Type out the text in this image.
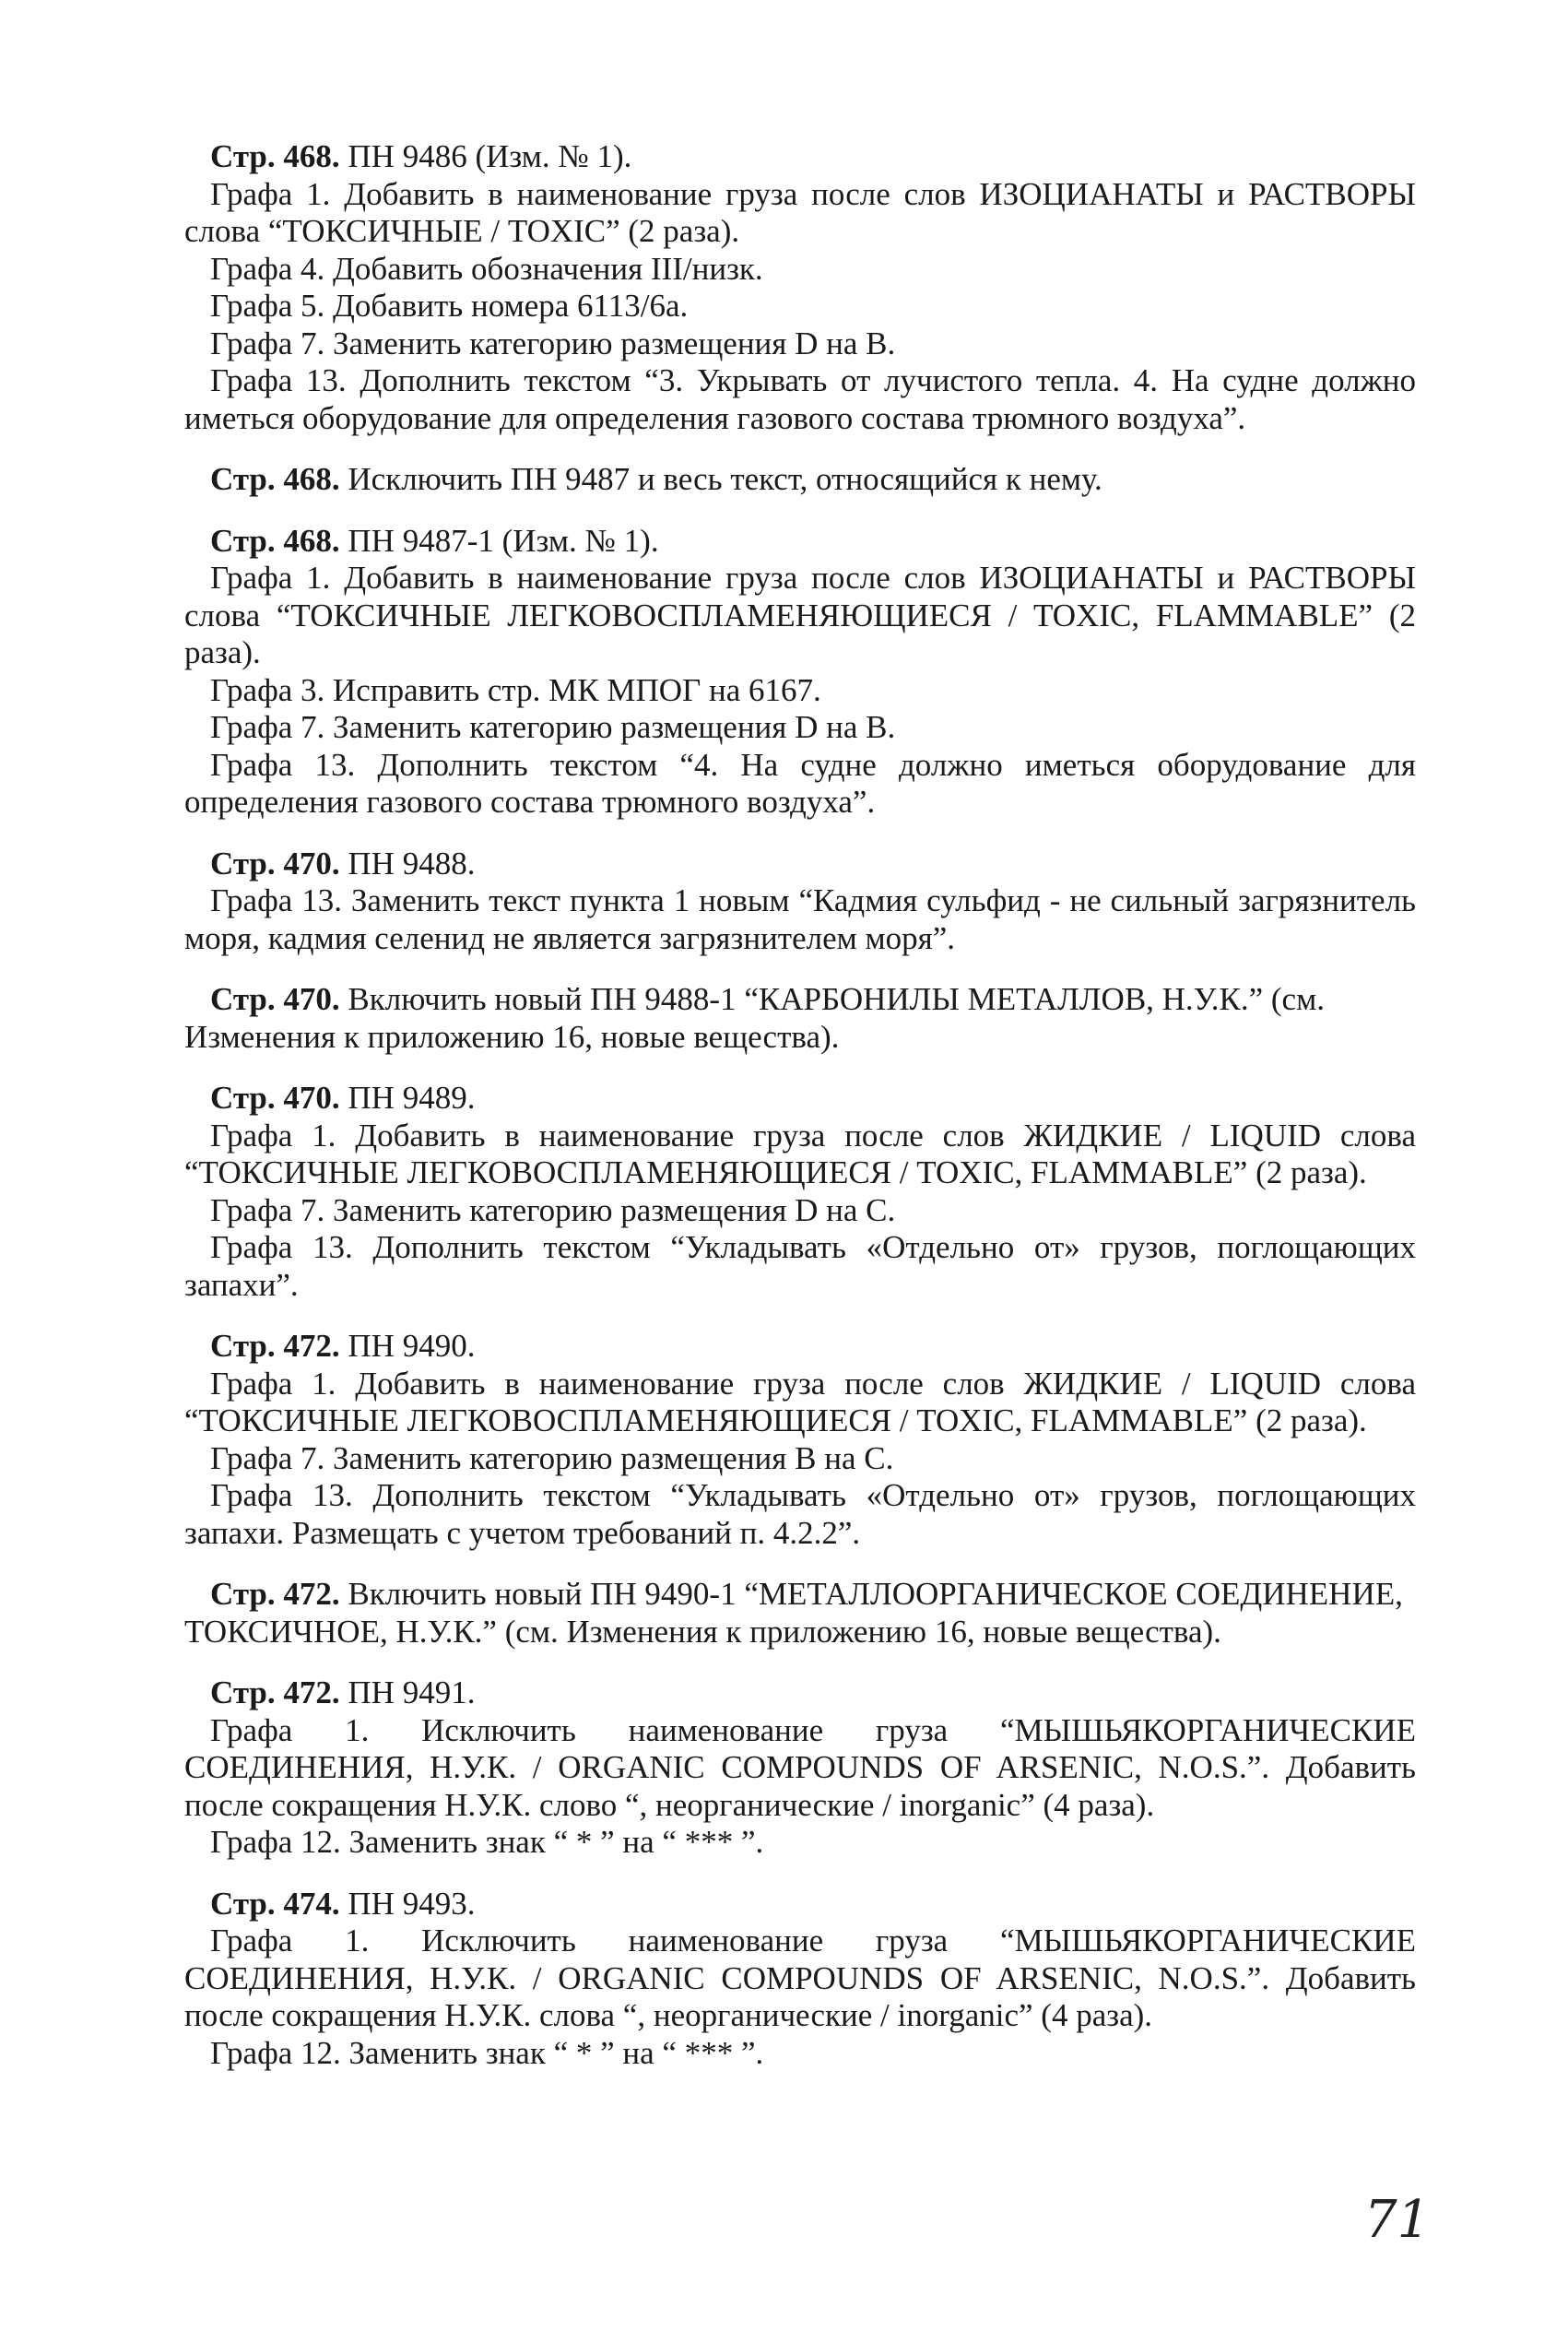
Стр. 468. ПН 9486 (Изм. № 1).

Графа 1. Добавить в наименование груза после слов ИЗОЦИАНАТЫ и РАСТВОРЫ слова “ТОКСИЧНЫЕ / TOXIC” (2 раза).

Графа 4. Добавить обозначения III/низк.

Графа 5. Добавить номера 6113/6а.

Графа 7. Заменить категорию размещения D на В.

Графа 13. Дополнить текстом “3. Укрывать от лучистого тепла. 4. На судне должно иметься оборудование для определения газового состава трюмного воздуха”.

Стр. 468. Исключить ПН 9487 и весь текст, относящийся к нему.

Стр. 468. ПН 9487-1 (Изм. № 1).

Графа 1. Добавить в наименование груза после слов ИЗОЦИАНАТЫ и РАСТВОРЫ слова “ТОКСИЧНЫЕ ЛЕГКОВОСПЛАМЕНЯЮЩИЕСЯ / TOXIC, FLAMMABLE” (2 раза).

Графа 3. Исправить стр. МК МПОГ на 6167.

Графа 7. Заменить категорию размещения D на В.

Графа 13. Дополнить текстом “4. На судне должно иметься оборудование для определения газового состава трюмного воздуха”.

Стр. 470. ПН 9488.

Графа 13. Заменить текст пункта 1 новым “Кадмия сульфид - не сильный загрязнитель моря, кадмия селенид не является загрязнителем моря”.

Стр. 470. Включить новый ПН 9488-1 “КАРБОНИЛЫ МЕТАЛЛОВ, Н.У.К.” (см. Изменения к приложению 16, новые вещества).

Стр. 470. ПН 9489.

Графа 1. Добавить в наименование груза после слов ЖИДКИЕ / LIQUID слова “ТОКСИЧНЫЕ ЛЕГКОВОСПЛАМЕНЯЮЩИЕСЯ / TOXIC, FLAMMABLE” (2 раза).

Графа 7. Заменить категорию размещения D на С.

Графа 13. Дополнить текстом “Укладывать «Отдельно от» грузов, поглощающих запахи”.

Стр. 472. ПН 9490.

Графа 1. Добавить в наименование груза после слов ЖИДКИЕ / LIQUID слова “ТОКСИЧНЫЕ ЛЕГКОВОСПЛАМЕНЯЮЩИЕСЯ / TOXIC, FLAMMABLE” (2 раза).

Графа 7. Заменить категорию размещения В на С.

Графа 13. Дополнить текстом “Укладывать «Отдельно от» грузов, поглощающих запахи. Размещать с учетом требований п. 4.2.2”.

Стр. 472. Включить новый ПН 9490-1 “МЕТАЛЛООРГАНИЧЕСКОЕ СОЕДИНЕНИЕ, ТОКСИЧНОЕ, Н.У.К.” (см. Изменения к приложению 16, новые вещества).

Стр. 472. ПН 9491.

Графа 1. Исключить наименование груза “МЫШЬЯКОРГАНИЧЕСКИЕ СОЕДИНЕНИЯ, Н.У.К. / ORGANIC COMPOUNDS OF ARSENIC, N.O.S.”. Добавить после сокращения Н.У.К. слово “, неорганические / inorganic” (4 раза).

Графа 12. Заменить знак “ * ” на “ *** ”.

Стр. 474. ПН 9493.

Графа 1. Исключить наименование груза “МЫШЬЯКОРГАНИЧЕСКИЕ СОЕДИНЕНИЯ, Н.У.К. / ORGANIC COMPOUNDS OF ARSENIC, N.O.S.”. Добавить после сокращения Н.У.К. слова “, неорганические / inorganic” (4 раза).

Графа 12. Заменить знак “ * ” на “ *** ”.

71
